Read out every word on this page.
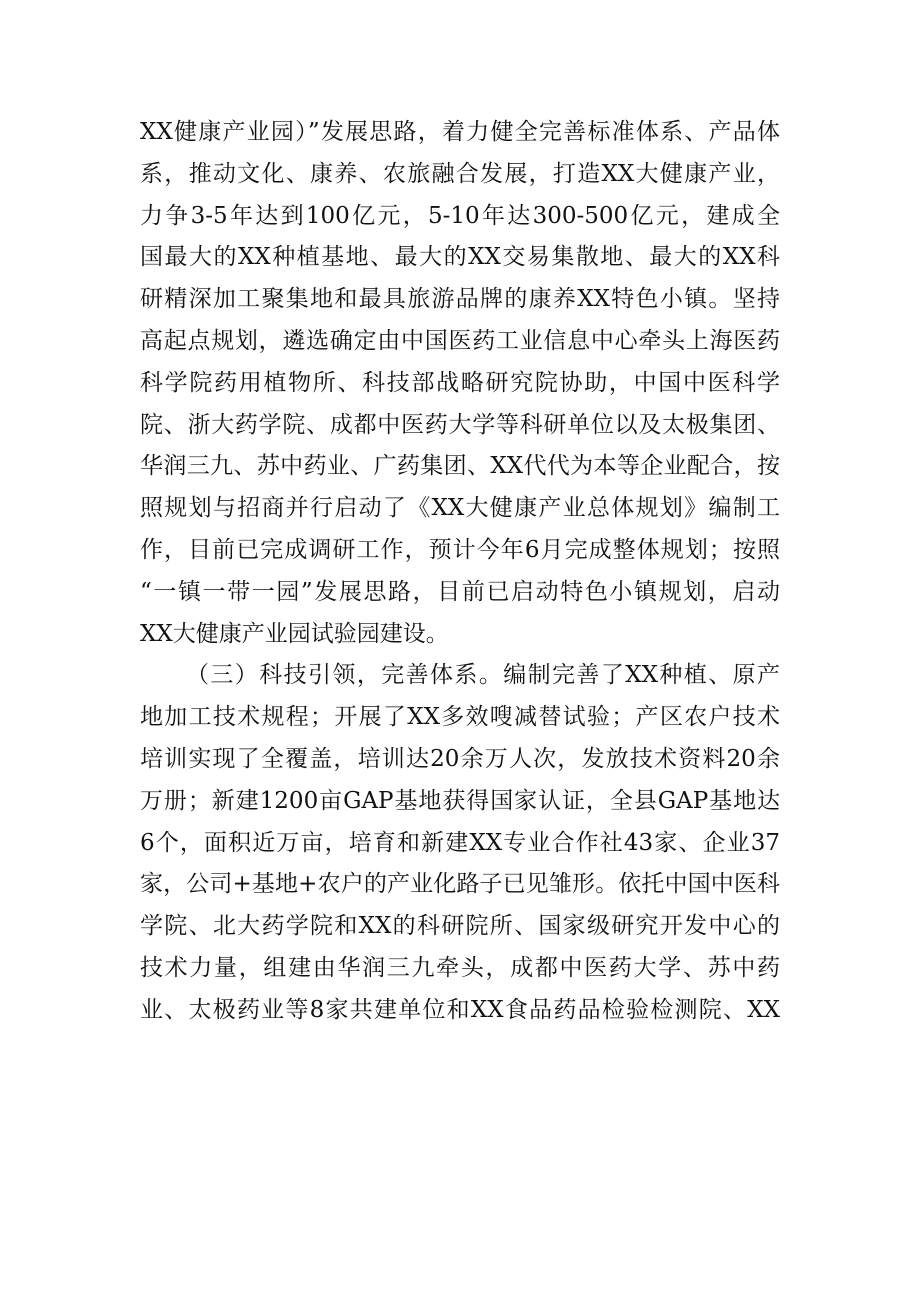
XX健康产业园）”发展思路，着力健全完善标准体系、产品体
系，推动文化、康养、农旅融合发展，打造XX大健康产业，
力争3-5年达到100亿元，5-10年达300-500亿元，建成全
国最大的XX种植基地、最大的XX交易集散地、最大的XX科
研精深加工聚集地和最具旅游品牌的康养XX特色小镇。坚持
高起点规划，遴选确定由中国医药工业信息中心牵头上海医药
科学院药用植物所、科技部战略研究院协助，中国中医科学
院、浙大药学院、成都中医药大学等科研单位以及太极集团、
华润三九、苏中药业、广药集团、XX代代为本等企业配合，按
照规划与招商并行启动了《XX大健康产业总体规划》编制工
作，目前已完成调研工作，预计今年6月完成整体规划；按照
“一镇一带一园”发展思路，目前已启动特色小镇规划，启动
XX大健康产业园试验园建设。
（三）科技引领，完善体系。编制完善了XX种植、原产
地加工技术规程；开展了XX多效嗖减替试验；产区农户技术
培训实现了全覆盖，培训达20余万人次，发放技术资料20余
万册；新建1200亩GAP基地获得国家认证，全县GAP基地达
6个，面积近万亩，培育和新建XX专业合作社43家、企业37
家，公司+基地+农户的产业化路子已见雏形。依托中国中医科
学院、北大药学院和XX的科研院所、国家级研究开发中心的
技术力量，组建由华润三九牵头，成都中医药大学、苏中药
业、太极药业等8家共建单位和XX食品药品检验检测院、XX
